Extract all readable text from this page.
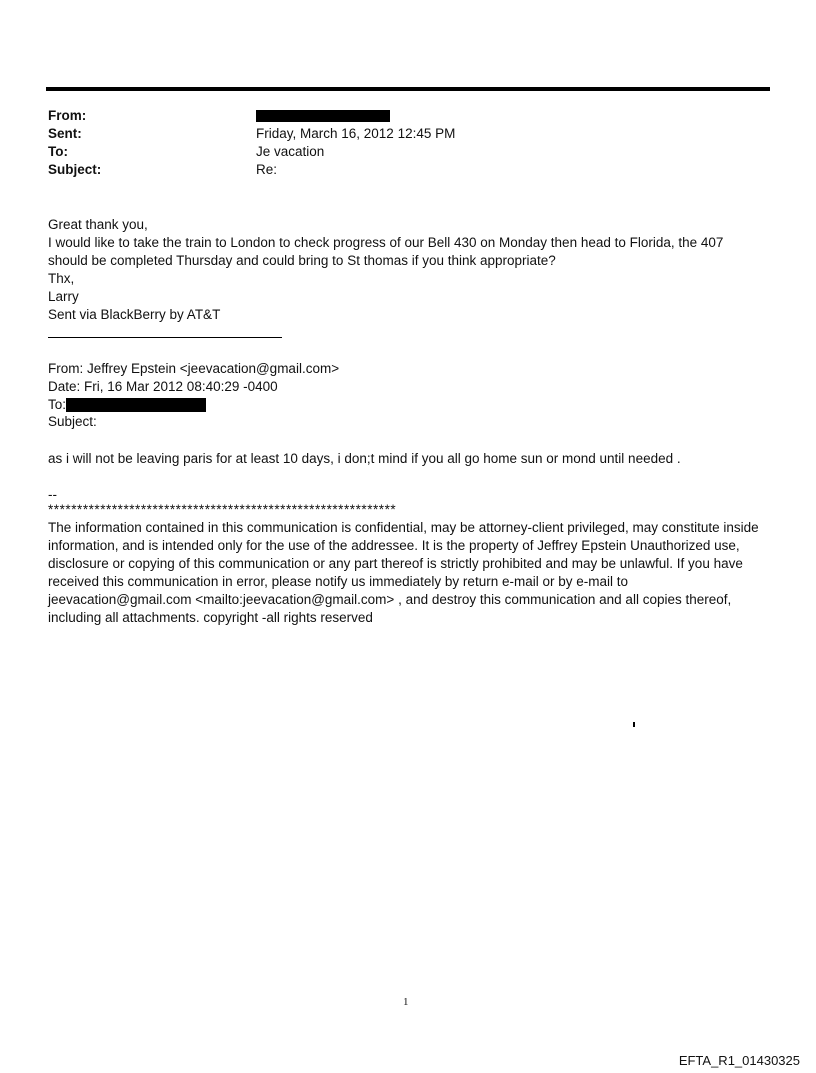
From:
Sent:	Friday, March 16, 2012 12:45 PM
To:	Je vacation
Subject:	Re:
Great thank you,
I would like to take the train to London to check progress of our Bell 430 on Monday then head to Florida, the 407
should be completed Thursday and could bring to St thomas if you think appropriate?
Thx,
Larry
Sent via BlackBerry by AT&T
From: Jeffrey Epstein <jeevacation@gmail.com>
Date: Fri, 16 Mar 2012 08:40:29 -0400
To:
Subject:
as i will not be leaving paris for at least 10 days, i don;t mind if you all go home sun or mond until needed .
--
************************************************************
The information contained in this communication is confidential, may be attorney-client privileged, may constitute inside information, and is intended only for the use of the addressee. It is the property of Jeffrey Epstein Unauthorized use, disclosure or copying of this communication or any part thereof is strictly prohibited and may be unlawful. If you have received this communication in error, please notify us immediately by return e-mail or by e-mail to jeevacation@gmail.com <mailto:jeevacation@gmail.com> , and destroy this communication and all copies thereof, including all attachments. copyright -all rights reserved
1
EFTA_R1_01430325
